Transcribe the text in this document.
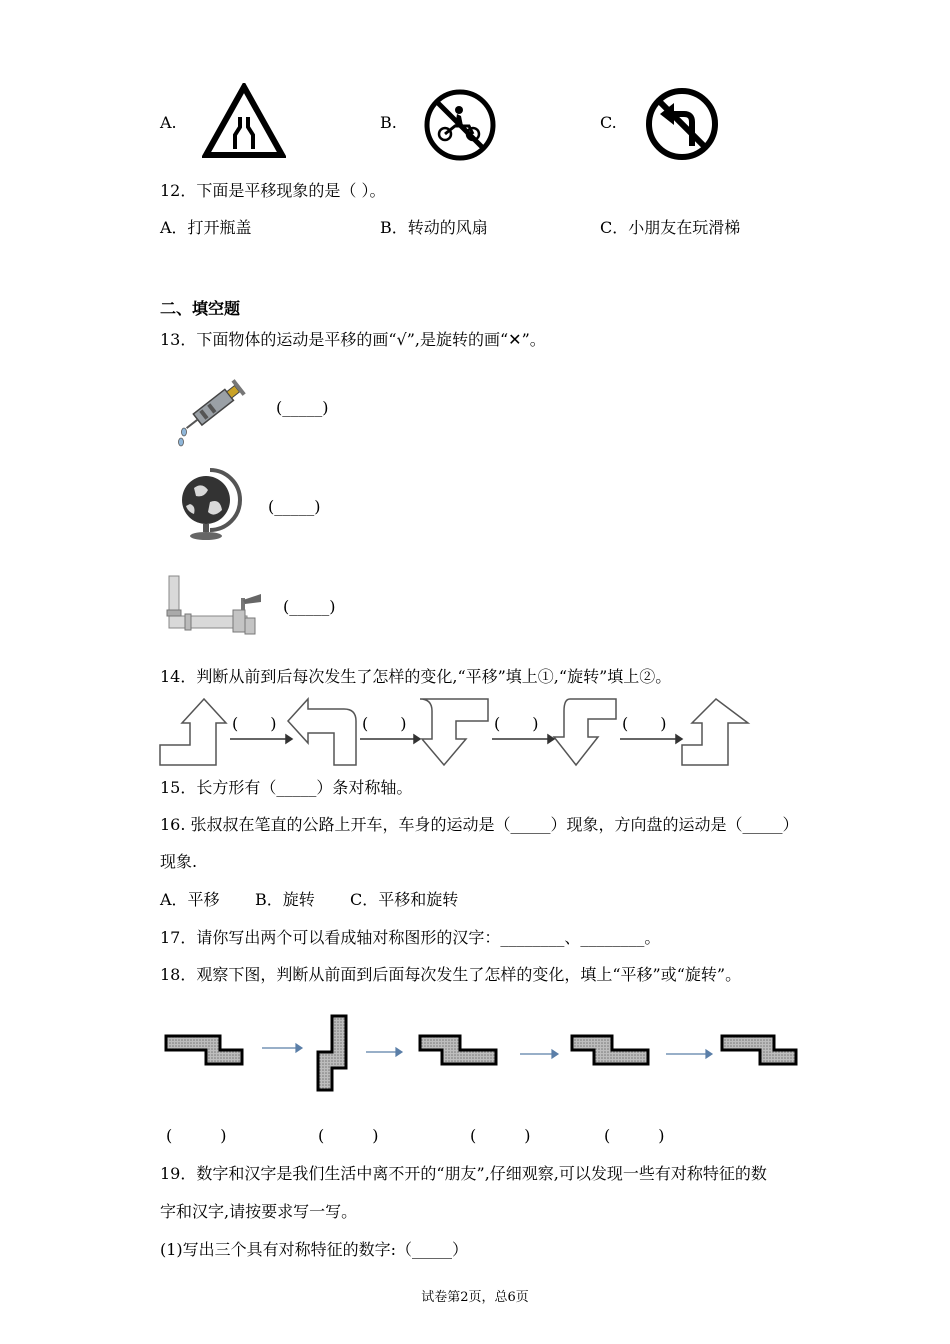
A.	B.	C.
12．下面是平移现象的是（ ）。
A．打开瓶盖	B．转动的风扇	C．小朋友在玩滑梯
二、填空题
13．下面物体的运动是平移的画“√”,是旋转的画“✕”。
(_____)
(_____)
(_____)
14．判断从前到后每次发生了怎样的变化,“平移”填上①,“旋转”填上②。
(　　)	(　　)	(　　)	(　　)
15．长方形有（_____）条对称轴。
16. 张叔叔在笔直的公路上开车，车身的运动是（_____）现象，方向盘的运动是（_____）
现象.
A．平移 B．旋转 C．平移和旋转
17．请你写出两个可以看成轴对称图形的汉字：________、________。
18．观察下图，判断从前面到后面每次发生了怎样的变化，填上“平移”或“旋转”。
(　　　)	(　　　)	(　　　)	(　　　)
19．数字和汉字是我们生活中离不开的“朋友”,仔细观察,可以发现一些有对称特征的数
字和汉字,请按要求写一写。
(1)写出三个具有对称特征的数字:（_____）
试卷第2页，总6页
